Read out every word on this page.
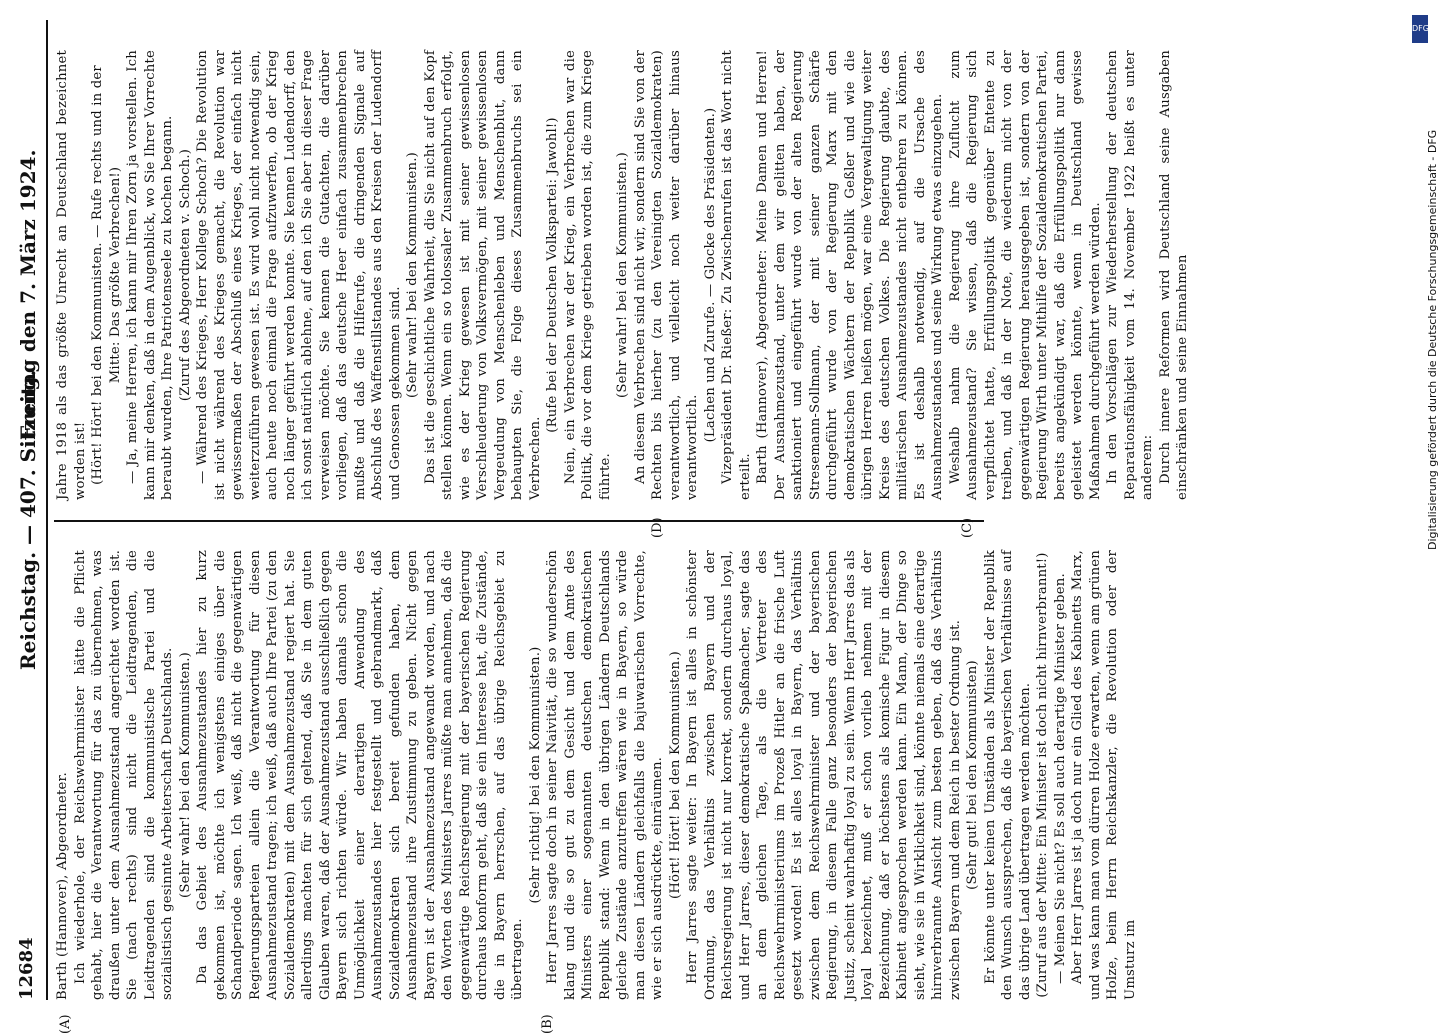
12684
Reichstag. — 407. Sitzung.
Freitag den 7. März 1924.

Barth (Hannover), Abgeordneter. Ich wiederhole, der Reichswehrminister hätte die Pflicht gehabt, hier die Verantwortung für das zu übernehmen, was draußen unter dem Ausnahmezustand angerichtet worden ist. Sie (nach rechts) sind nicht die Leidtragenden, die Leidtragenden sind die kommunistische Partei und die sozialistisch gesinnte Arbeiterschaft Deutschlands. (Sehr wahr! bei den Kommunisten.) Da das Gebiet des Ausnahmezustandes hier zu kurz gekommen ist, möchte ich wenigstens einiges über die Schandperiode sagen. Ich weiß, daß nicht die gegenwärtigen Regierungsparteien allein die Verantwortung für diesen Ausnahmezustand tragen; ich weiß, daß auch Ihre Partei (zu den Sozialdemokraten) mit dem Ausnahmezustand regiert hat. Sie allerdings machten für sich geltend, daß Sie in dem guten Glauben waren, daß der Ausnahmezustand ausschließlich gegen Bayern sich richten würde. Wir haben damals schon die Unmöglichkeit einer derartigen Anwendung des Ausnahmezustandes hier festgestellt und gebrandmarkt, daß Sozialdemokraten sich bereit gefunden haben, dem Ausnahmezustand ihre Zustimmung zu geben. Nicht gegen Bayern ist der Ausnahmezustand angewandt worden, und nach den Worten des Ministers Jarres müßte man annehmen, daß die gegenwärtige Reichsregierung mit der bayerischen Regierung durchaus konform geht, daß sie ein Interesse hat, die Zustände, die in Bayern herrschen, auf das übrige Reichsgebiet zu übertragen.

(Sehr richtig! bei den Kommunisten.) Herr Jarres sagte doch in seiner Naivität, die so wunderschön klang und die so gut zu dem Gesicht und dem Amte des Ministers einer sogenannten deutschen demokratischen Republik stand: Wenn in den übrigen Ländern Deutschlands gleiche Zustände anzutreffen wären wie in Bayern, so würde man diesen Ländern gleichfalls die bajuwarischen Vorrechte, wie er sich ausdrückte, einräumen. (Hört! Hört! bei den Kommunisten.) Herr Jarres sagte weiter: In Bayern ist alles in schönster Ordnung, das Verhältnis zwischen Bayern und der Reichsregierung ist nicht nur korrekt, sondern durchaus loyal, und Herr Jarres, dieser demokratische Spaßmacher, sagte das an dem gleichen Tage, als die Vertreter des Reichswehrministeriums im Prozeß Hitler an die frische Luft gesetzt worden! Es ist alles loyal in Bayern, das Verhältnis zwischen dem Reichswehrminister und der bayerischen Regierung, in diesem Falle ganz besonders der bayerischen Justiz, scheint wahrhaftig loyal zu sein. Wenn Herr Jarres das als loyal bezeichnet, muß er schon vorlieb nehmen mit der Bezeichnung, daß er höchstens als komische Figur in diesem Kabinett angesprochen werden kann. Ein Mann, der Dinge so sieht, wie sie in Wirklichkeit sind, könnte niemals eine derartige hirnverbrannte Ansicht zum besten geben, daß das Verhältnis zwischen Bayern und dem Reich in bester Ordnung ist. (Sehr gut! bei den Kommunisten) Er könnte unter keinen Umständen als Minister der Republik den Wunsch aussprechen, daß die bayerischen Verhältnisse auf das übrige Land übertragen werden möchten. (Zuruf aus der Mitte: Ein Minister ist doch nicht hirnverbrannt!) — Meinen Sie nicht? Es soll auch derartige Minister geben. Aber Herr Jarres ist ja doch nur ein Glied des Kabinetts Marx, und was kann man vom dürren Holze erwarten, wenn am grünen Holze, beim Herrn Reichskanzler, die Revolution oder der Umsturz im

Jahre 1918 als das größte Unrecht an Deutschland bezeichnet worden ist! (Hört! Hört! bei den Kommunisten. — Rufe rechts und in der Mitte: Das größte Verbrechen!) — Ja, meine Herren, ich kann mir Ihren Zorn ja vorstellen. Ich kann mir denken, daß in dem Augenblick, wo Sie Ihrer Vorrechte beraubt wurden, Ihre Patriotenseele zu kochen begann. (Zuruf des Abgeordneten v. Schoch.) — Während des Krieges, Herr Kollege Schoch? Die Revolution ist nicht während des Krieges gemacht, die Revolution war gewissermaßen der Abschluß eines Krieges, der einfach nicht weiterzuführen gewesen ist. Es wird wohl nicht notwendig sein, auch heute noch einmal die Frage aufzuwerfen, ob der Krieg noch länger geführt werden konnte. Sie kennen Ludendorff, den ich sonst natürlich ablehne, auf den ich Sie aber in dieser Frage verweisen möchte. Sie kennen die Gutachten, die darüber vorliegen, daß das deutsche Heer einfach zusammenbrechen mußte und daß die Hilferufe, die dringenden Signale auf Abschluß des Waffenstillstandes aus den Kreisen der Ludendorff und Genossen gekommen sind. (Sehr wahr! bei den Kommunisten.) Das ist die geschichtliche Wahrheit, die Sie nicht auf den Kopf stellen können. Wenn ein so tolossaler Zusammenbruch erfolgt, wie es der Krieg gewesen ist mit seiner gewissenlosen Verschleuderung von Volksvermögen, mit seiner gewissenlosen Vergeudung von Menschenleben und Menschenblut, dann behaupten Sie, die Folge dieses Zusammenbruchs sei ein Verbrechen.

(Rufe bei der Deutschen Volkspartei: Jawohl!) Nein, ein Verbrechen war der Krieg, ein Verbrechen war die Politik, die vor dem Kriege getrieben worden ist, die zum Kriege führte.

(Sehr wahr! bei den Kommunisten.) An diesem Verbrechen sind nicht wir, sondern sind Sie von der Rechten bis hierher (zu den Vereinigten Sozialdemokraten) verantwortlich, und vielleicht noch weiter darüber hinaus verantwortlich.

(Lachen und Zurufe. — Glocke des Präsidenten.) Vizepräsident Dr. Rießer: Zu Zwischenrufen ist das Wort nicht erteilt. Barth (Hannover), Abgeordneter: Meine Damen und Herren! Der Ausnahmezustand, unter dem wir gelitten haben, der sanktioniert und eingeführt wurde von der alten Regierung Stresemann-Sollmann, der mit seiner ganzen Schärfe durchgeführt wurde von der Regierung Marx mit den demokratischen Wächtern der Republik Geßler und wie die übrigen Herren heißen mögen, war eine Vergewaltigung weiter Kreise des deutschen Volkes. Die Regierung glaubte, des militärischen Ausnahmezustandes nicht entbehren zu können. Es ist deshalb notwendig, auf die Ursache des Ausnahmezustandes und seine Wirkung etwas einzugehen. Weshalb nahm die Regierung ihre Zuflucht zum Ausnahmezustand? Sie wissen, daß die Regierung sich verpflichtet hatte, Erfüllungspolitik gegenüber Entente zu treiben, und daß in der Note, die wiederum nicht von der gegenwärtigen Regierung herausgegeben ist, sondern von der Regierung Wirth unter Mithilfe der Sozialdemokratischen Partei, bereits angekündigt war, daß die Erfüllungspolitik nur dann geleistet werden könnte, wenn in Deutschland gewisse Maßnahmen durchgeführt werden würden. In den Vorschlägen zur Wiederherstellung der deutschen Reparationsfähigkeit vom 14. November 1922 heißt es unter anderem: Durch innere Reformen wird Deutschland seine Ausgaben einschränken und seine Einnahmen

(A)	(B)
(C)
(D)
DFG
Digitalisierung gefördert durch die Deutsche Forschungsgemeinschaft - DFG
